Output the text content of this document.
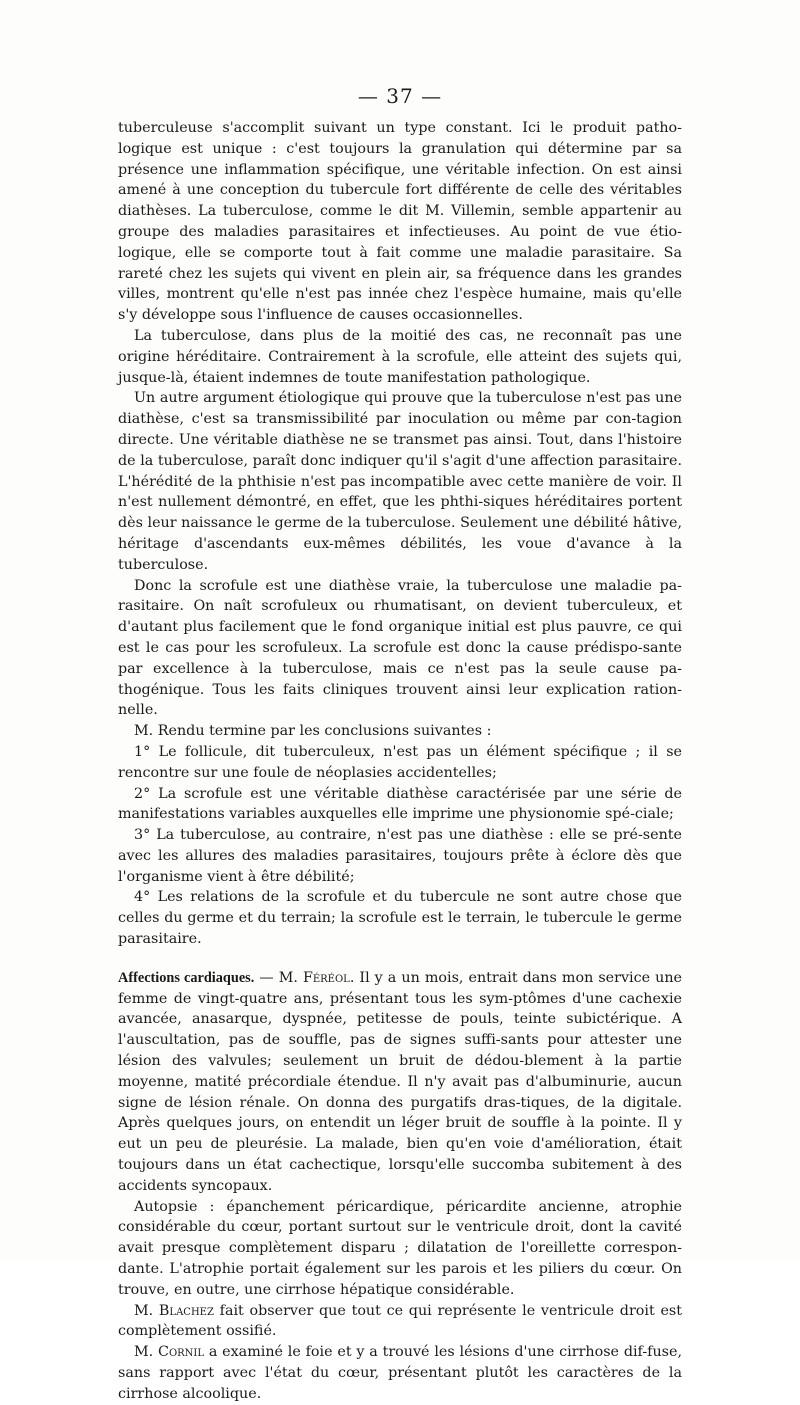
— 37 —

tuberculeuse s'accomplit suivant un type constant. Ici le produit patho-logique est unique : c'est toujours la granulation qui détermine par sa présence une inflammation spécifique, une véritable infection. On est ainsi amené à une conception du tubercule fort différente de celle des véritables diathèses. La tuberculose, comme le dit M. Villemin, semble appartenir au groupe des maladies parasitaires et infectieuses. Au point de vue étio-logique, elle se comporte tout à fait comme une maladie parasitaire. Sa rareté chez les sujets qui vivent en plein air, sa fréquence dans les grandes villes, montrent qu'elle n'est pas innée chez l'espèce humaine, mais qu'elle s'y développe sous l'influence de causes occasionnelles.

La tuberculose, dans plus de la moitié des cas, ne reconnaît pas une origine héréditaire. Contrairement à la scrofule, elle atteint des sujets qui, jusque-là, étaient indemnes de toute manifestation pathologique.

Un autre argument étiologique qui prouve que la tuberculose n'est pas une diathèse, c'est sa transmissibilité par inoculation ou même par con-tagion directe. Une véritable diathèse ne se transmet pas ainsi. Tout, dans l'histoire de la tuberculose, paraît donc indiquer qu'il s'agit d'une affection parasitaire. L'hérédité de la phthisie n'est pas incompatible avec cette manière de voir. Il n'est nullement démontré, en effet, que les phthi-siques héréditaires portent dès leur naissance le germe de la tuberculose. Seulement une débilité hâtive, héritage d'ascendants eux-mêmes débilités, les voue d'avance à la tuberculose.

Donc la scrofule est une diathèse vraie, la tuberculose une maladie pa-rasitaire. On naît scrofuleux ou rhumatisant, on devient tuberculeux, et d'autant plus facilement que le fond organique initial est plus pauvre, ce qui est le cas pour les scrofuleux. La scrofule est donc la cause prédispo-sante par excellence à la tuberculose, mais ce n'est pas la seule cause pa-thogénique. Tous les faits cliniques trouvent ainsi leur explication ration-nelle.

M. Rendu termine par les conclusions suivantes :

1° Le follicule, dit tuberculeux, n'est pas un élément spécifique ; il se rencontre sur une foule de néoplasies accidentelles;

2° La scrofule est une véritable diathèse caractérisée par une série de manifestations variables auxquelles elle imprime une physionomie spé-ciale;

3° La tuberculose, au contraire, n'est pas une diathèse : elle se pré-sente avec les allures des maladies parasitaires, toujours prête à éclore dès que l'organisme vient à être débilité;

4° Les relations de la scrofule et du tubercule ne sont autre chose que celles du germe et du terrain; la scrofule est le terrain, le tubercule le germe parasitaire.

Affections cardiaques. — M. Féréol. Il y a un mois, entrait dans mon service une femme de vingt-quatre ans, présentant tous les sym-ptômes d'une cachexie avancée, anasarque, dyspnée, petitesse de pouls, teinte subictérique. A l'auscultation, pas de souffle, pas de signes suffi-sants pour attester une lésion des valvules; seulement un bruit de dédou-blement à la partie moyenne, matité précordiale étendue. Il n'y avait pas d'albuminurie, aucun signe de lésion rénale. On donna des purgatifs dras-tiques, de la digitale. Après quelques jours, on entendit un léger bruit de souffle à la pointe. Il y eut un peu de pleurésie. La malade, bien qu'en voie d'amélioration, était toujours dans un état cachectique, lorsqu'elle succomba subitement à des accidents syncopaux.

Autopsie : épanchement péricardique, péricardite ancienne, atrophie considérable du cœur, portant surtout sur le ventricule droit, dont la cavité avait presque complètement disparu ; dilatation de l'oreillette correspon-dante. L'atrophie portait également sur les parois et les piliers du cœur. On trouve, en outre, une cirrhose hépatique considérable.

M. Blachez fait observer que tout ce qui représente le ventricule droit est complètement ossifié.

M. Cornil a examiné le foie et y a trouvé les lésions d'une cirrhose dif-fuse, sans rapport avec l'état du cœur, présentant plutôt les caractères de la cirrhose alcoolique.
